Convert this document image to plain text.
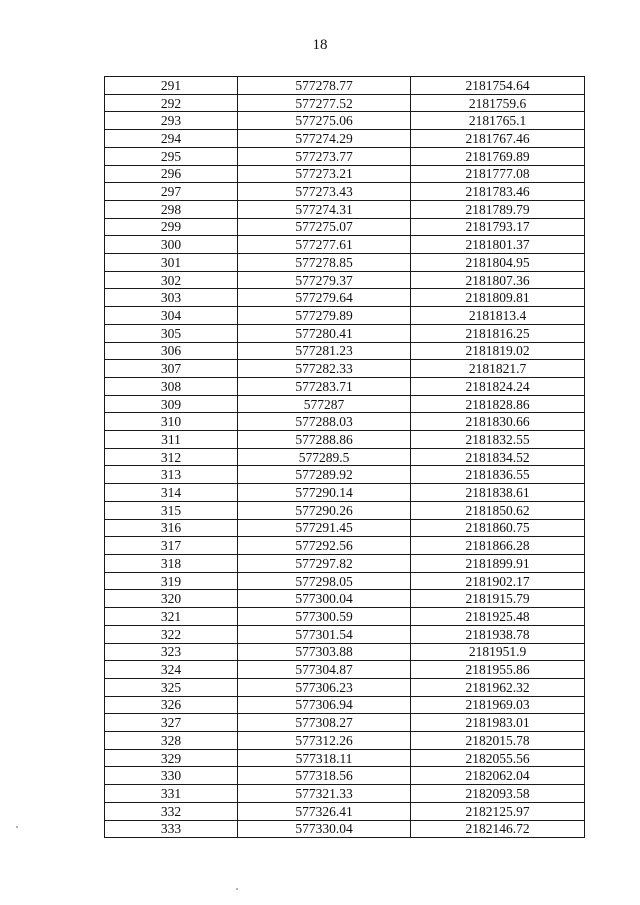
18
291	577278.77	2181754.64
292	577277.52	2181759.6
293	577275.06	2181765.1
294	577274.29	2181767.46
295	577273.77	2181769.89
296	577273.21	2181777.08
297	577273.43	2181783.46
298	577274.31	2181789.79
299	577275.07	2181793.17
300	577277.61	2181801.37
301	577278.85	2181804.95
302	577279.37	2181807.36
303	577279.64	2181809.81
304	577279.89	2181813.4
305	577280.41	2181816.25
306	577281.23	2181819.02
307	577282.33	2181821.7
308	577283.71	2181824.24
309	577287	2181828.86
310	577288.03	2181830.66
311	577288.86	2181832.55
312	577289.5	2181834.52
313	577289.92	2181836.55
314	577290.14	2181838.61
315	577290.26	2181850.62
316	577291.45	2181860.75
317	577292.56	2181866.28
318	577297.82	2181899.91
319	577298.05	2181902.17
320	577300.04	2181915.79
321	577300.59	2181925.48
322	577301.54	2181938.78
323	577303.88	2181951.9
324	577304.87	2181955.86
325	577306.23	2181962.32
326	577306.94	2181969.03
327	577308.27	2181983.01
328	577312.26	2182015.78
329	577318.11	2182055.56
330	577318.56	2182062.04
331	577321.33	2182093.58
332	577326.41	2182125.97
333	577330.04	2182146.72
